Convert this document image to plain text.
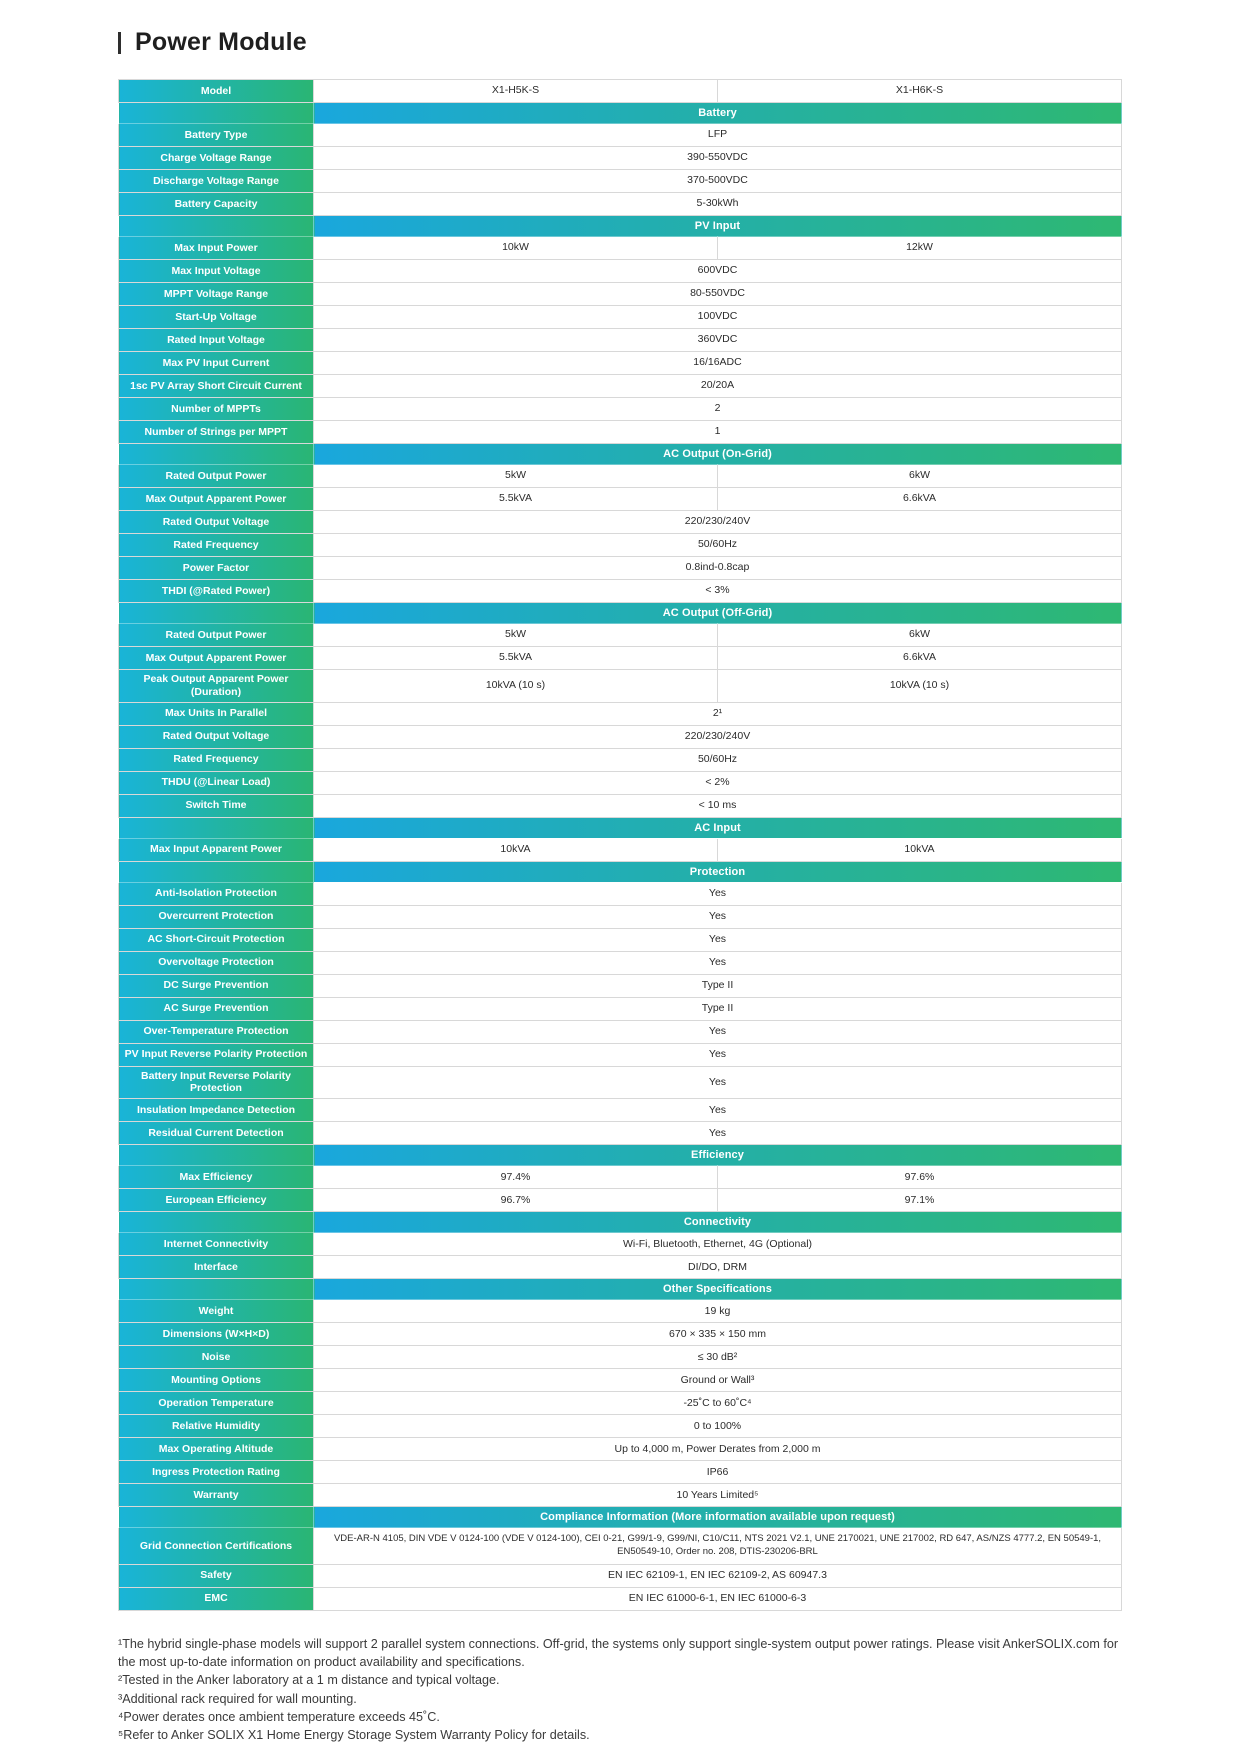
Power Module
Model	X1-H5K-S	X1-H6K-S
	Battery	
Battery Type	LFP	
Charge Voltage Range	390-550VDC	
Discharge Voltage Range	370-500VDC	
Battery Capacity	5-30kWh	
	PV Input	
Max Input Power	10kW	12kW
Max Input Voltage	600VDC	
MPPT Voltage Range	80-550VDC	
Start-Up Voltage	100VDC	
Rated Input Voltage	360VDC	
Max PV Input Current	16/16ADC	
1sc PV Array Short Circuit Current	20/20A	
Number of MPPTs	2	
Number of Strings per MPPT	1	
	AC Output (On-Grid)	
Rated Output Power	5kW	6kW
Max Output Apparent Power	5.5kVA	6.6kVA
Rated Output Voltage	220/230/240V	
Rated Frequency	50/60Hz	
Power Factor	0.8ind-0.8cap	
THDI (@Rated Power)	< 3%	
	AC Output (Off-Grid)	
Rated Output Power	5kW	6kW
Max Output Apparent Power	5.5kVA	6.6kVA
Peak Output Apparent Power (Duration)	10kVA (10 s)	10kVA (10 s)
Max Units In Parallel	2¹	
Rated Output Voltage	220/230/240V	
Rated Frequency	50/60Hz	
THDU (@Linear Load)	< 2%	
Switch Time	< 10 ms	
	AC Input	
Max Input Apparent Power	10kVA	10kVA
	Protection	
Anti-Isolation Protection	Yes	
Overcurrent Protection	Yes	
AC Short-Circuit Protection	Yes	
Overvoltage Protection	Yes	
DC Surge Prevention	Type II	
AC Surge Prevention	Type II	
Over-Temperature Protection	Yes	
PV Input Reverse Polarity Protection	Yes	
Battery Input Reverse Polarity Protection	Yes	
Insulation Impedance Detection	Yes	
Residual Current Detection	Yes	
	Efficiency	
Max Efficiency	97.4%	97.6%
European Efficiency	96.7%	97.1%
	Connectivity	
Internet Connectivity	Wi-Fi, Bluetooth, Ethernet, 4G (Optional)	
Interface	DI/DO, DRM	
	Other Specifications	
Weight	19 kg	
Dimensions (W×H×D)	670 × 335 × 150 mm	
Noise	≤ 30 dB²	
Mounting Options	Ground or Wall³	
Operation Temperature	-25˚C to 60˚C⁴	
Relative Humidity	0 to 100%	
Max Operating Altitude	Up to 4,000 m, Power Derates from 2,000 m	
Ingress Protection Rating	IP66	
Warranty	10 Years Limited⁵	
	Compliance Information (More information available upon request)	
Grid Connection Certifications	VDE-AR-N 4105, DIN VDE V 0124-100 (VDE V 0124-100), CEI 0-21, G99/1-9, G99/NI, C10/C11, NTS 2021 V2.1, UNE 2170021, UNE 217002, RD 647, AS/NZS 4777.2, EN 50549-1, EN50549-10, Order no. 208, DTIS-230206-BRL	
Safety	EN IEC 62109-1, EN IEC 62109-2, AS 60947.3	
EMC	EN IEC 61000-6-1, EN IEC 61000-6-3	

¹The hybrid single-phase models will support 2 parallel system connections. Off-grid, the systems only support single-system output power ratings. Please visit AnkerSOLIX.com for the most up-to-date information on product availability and specifications.

²Tested in the Anker laboratory at a 1 m distance and typical voltage.

³Additional rack required for wall mounting.

⁴Power derates once ambient temperature exceeds 45˚C.

⁵Refer to Anker SOLIX X1 Home Energy Storage System Warranty Policy for details.
